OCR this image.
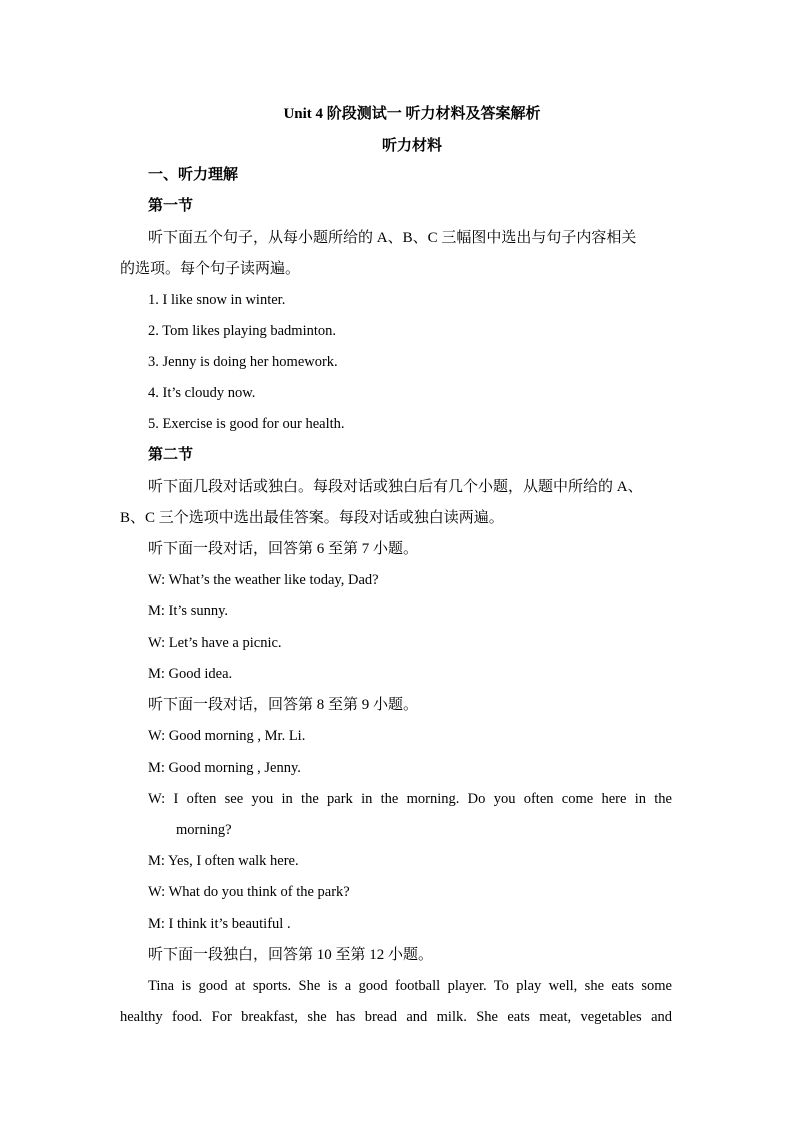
Unit 4 阶段测试一 听力材料及答案解析
听力材料
一、听力理解
第一节
听下面五个句子，从每小题所给的 A、B、C 三幅图中选出与句子内容相关
的选项。每个句子读两遍。
1. I like snow in winter.
2. Tom likes playing badminton.
3. Jenny is doing her homework.
4. It’s cloudy now.
5. Exercise is good for our health.
第二节
听下面几段对话或独白。每段对话或独白后有几个小题，从题中所给的 A、
B、C 三个选项中选出最佳答案。每段对话或独白读两遍。
听下面一段对话，回答第 6 至第 7 小题。
W: What’s the weather like today, Dad?
M: It’s sunny.
W: Let’s have a picnic.
M: Good idea.
听下面一段对话，回答第 8 至第 9 小题。
W: Good morning , Mr. Li.
M: Good morning , Jenny.
W: I often see you in the park in the morning. Do you often come here in the
morning?
M: Yes, I often walk here.
W: What do you think of the park?
M: I think it’s beautiful .
听下面一段独白，回答第 10 至第 12 小题。
Tina is good at sports. She is a good football player. To play well, she eats some
healthy food. For breakfast, she has bread and milk. She eats meat, vegetables and
